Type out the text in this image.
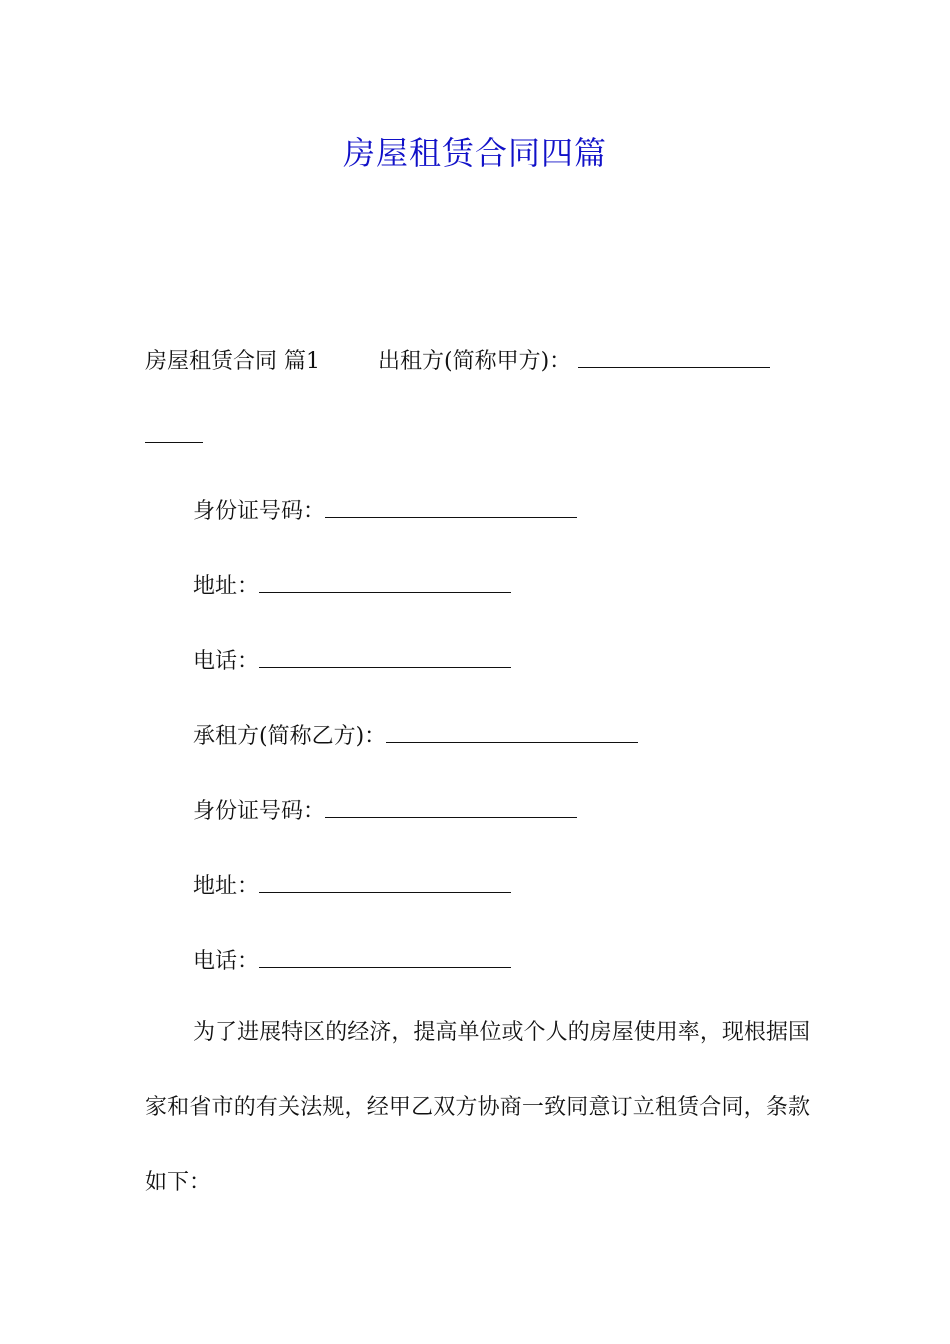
房屋租赁合同四篇
房屋租赁合同 篇1	出租方(简称甲方)：
身份证号码：
地址：
电话：
承租方(简称乙方)：
身份证号码：
地址：
电话：
为了进展特区的经济，提高单位或个人的房屋使用率，现根据国家和省市的有关法规，经甲乙双方协商一致同意订立租赁合同，条款如下：
